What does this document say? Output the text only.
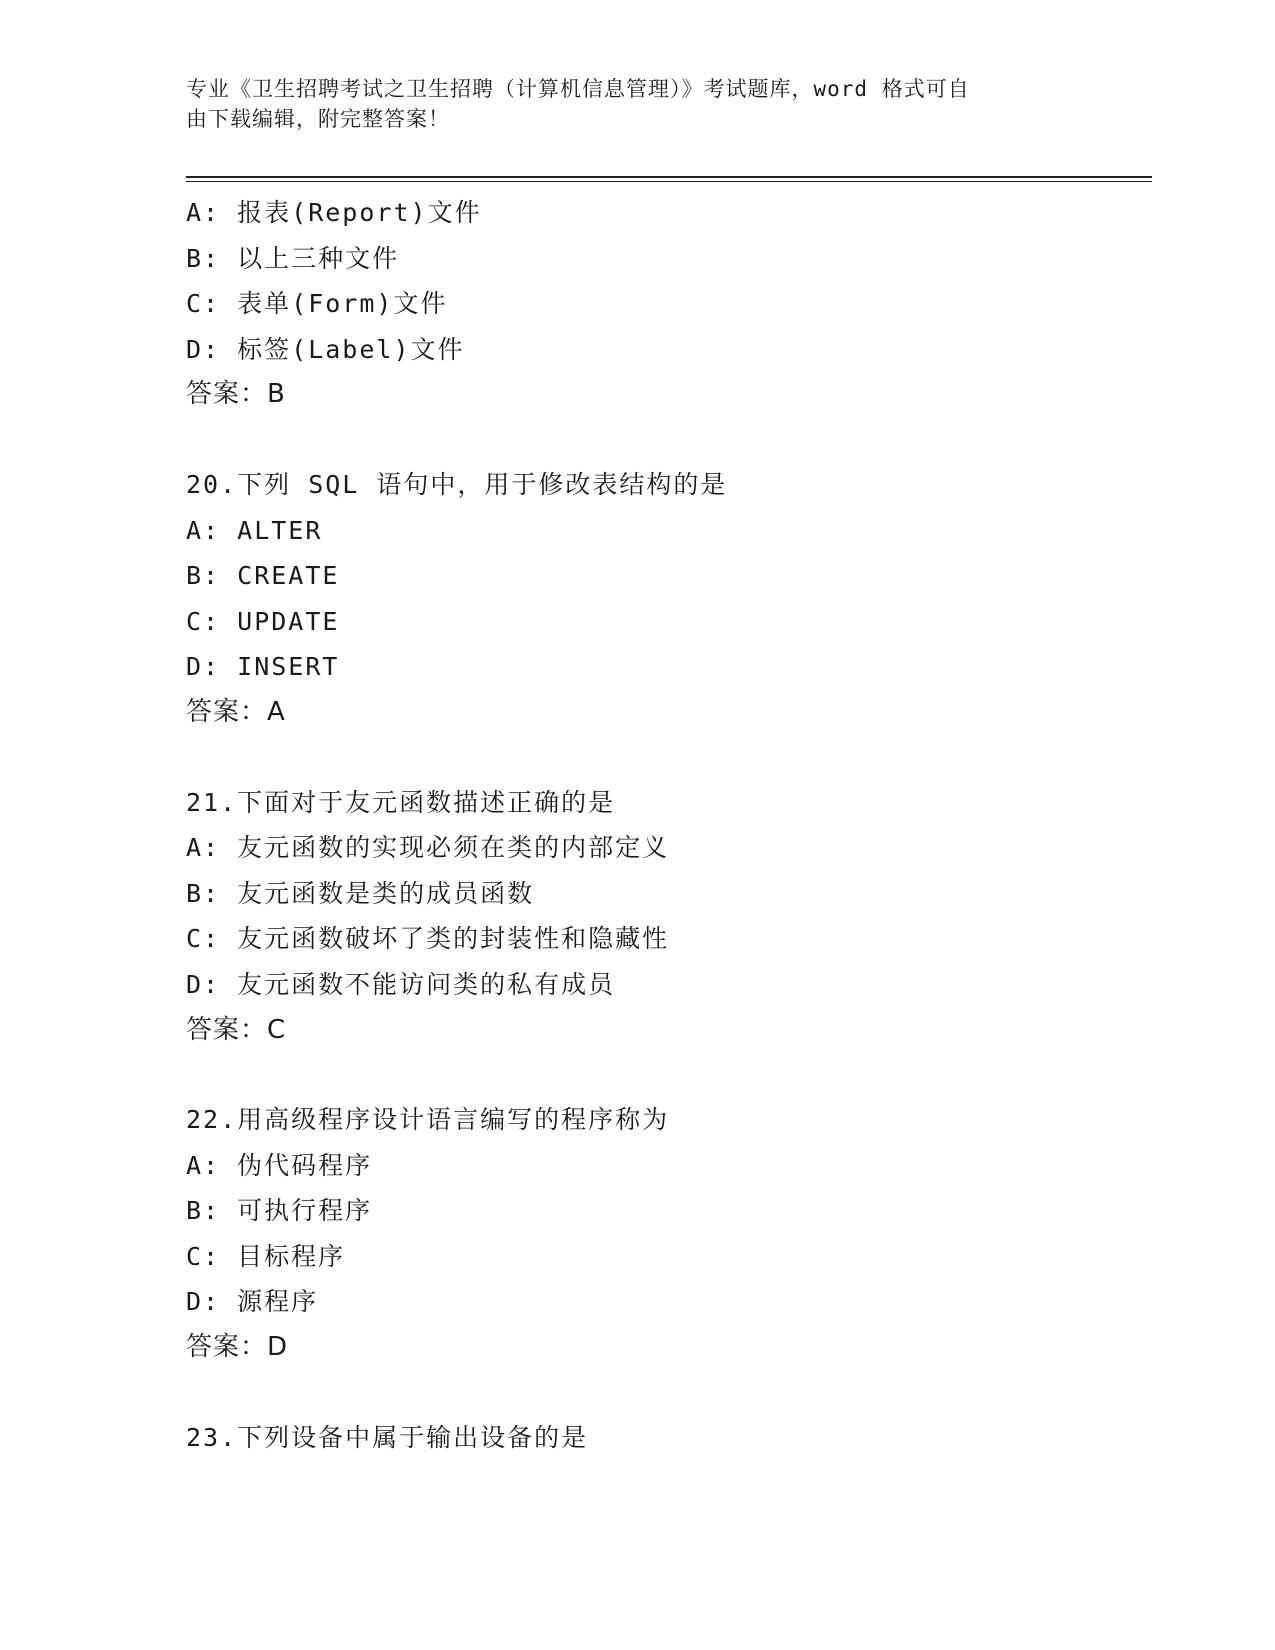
专业《卫生招聘考试之卫生招聘（计算机信息管理）》考试题库，word 格式可自
由下载编辑，附完整答案！
A: 报表(Report)文件
B: 以上三种文件
C: 表单(Form)文件
D: 标签(Label)文件
答案：B
20.下列 SQL 语句中，用于修改表结构的是
A: ALTER
B: CREATE
C: UPDATE
D: INSERT
答案：A
21.下面对于友元函数描述正确的是
A: 友元函数的实现必须在类的内部定义
B: 友元函数是类的成员函数
C: 友元函数破坏了类的封装性和隐藏性
D: 友元函数不能访问类的私有成员
答案：C
22.用高级程序设计语言编写的程序称为
A: 伪代码程序
B: 可执行程序
C: 目标程序
D: 源程序
答案：D
23.下列设备中属于输出设备的是
